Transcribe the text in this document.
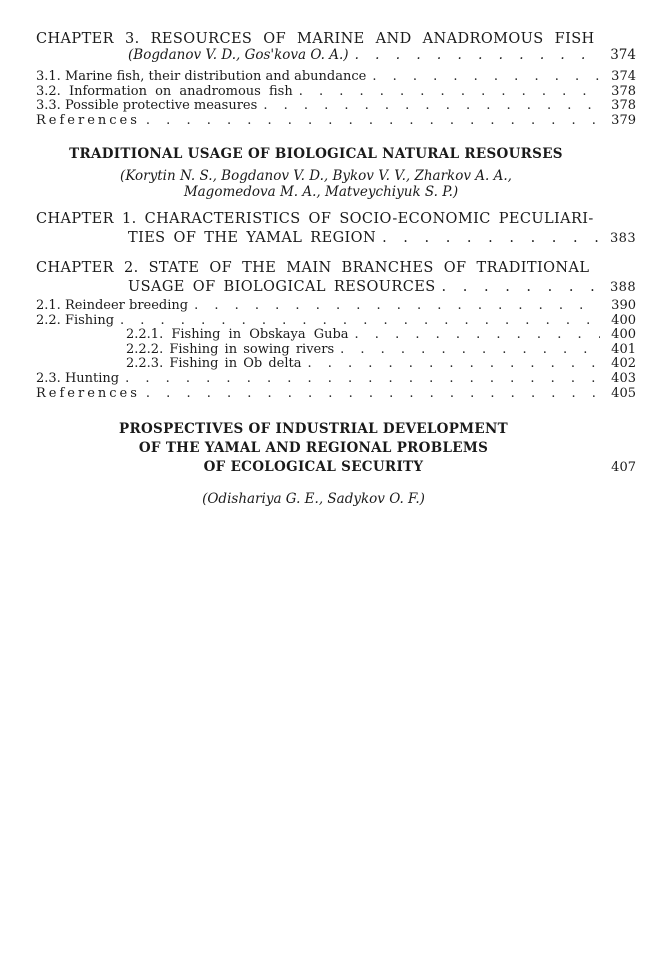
CHAPTER 3. RESOURCES OF MARINE AND ANADROMOUS FISH
(Bogdanov V. D., Gos'kova O. A.) . . .	374
3.1. Marine fish, their distribution and abundance . . .	374
3.2. Information on anadromous fish . . .	378
3.3. Possible protective measures . . .	378
References . . .	379
TRADITIONAL USAGE OF BIOLOGICAL NATURAL RESOURSES
(Korytin N. S., Bogdanov V. D., Bykov V. V., Zharkov A. A.,
Magomedova M. A., Matveychiyuk S. P.)
CHAPTER 1. CHARACTERISTICS OF SOCIO-ECONOMIC PECULIARI-
TIES OF THE YAMAL REGION . . .	383
CHAPTER 2. STATE OF THE MAIN BRANCHES OF TRADITIONAL
USAGE OF BIOLOGICAL RESOURCES . . .	388
2.1. Reindeer breeding . . .	390
2.2. Fishing . . .	400
2.2.1. Fishing in Obskaya Guba . . .	400
2.2.2. Fishing in sowing rivers . . .	401
2.2.3. Fishing in Ob delta . . .	402
2.3. Hunting . . .	403
References . . .	405
PROSPECTIVES OF INDUSTRIAL DEVELOPMENT
OF THE YAMAL AND REGIONAL PROBLEMS
OF ECOLOGICAL SECURITY	407
(Odishariya G. E., Sadykov O. F.)
